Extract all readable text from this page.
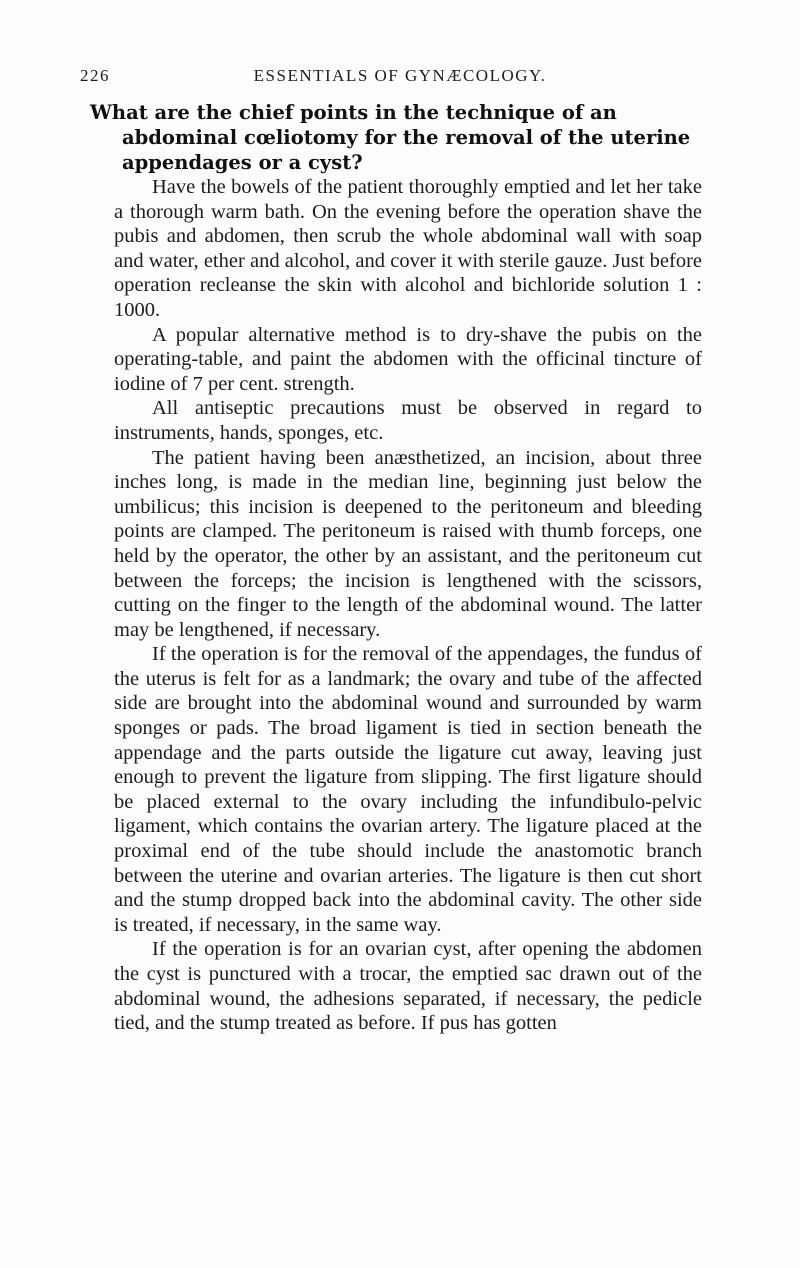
226	ESSENTIALS OF GYNÆCOLOGY.

What are the chief points in the technique of an abdominal cœliotomy for the removal of the uterine appendages or a cyst?

Have the bowels of the patient thoroughly emptied and let her take a thorough warm bath. On the evening before the operation shave the pubis and abdomen, then scrub the whole abdominal wall with soap and water, ether and alcohol, and cover it with sterile gauze. Just before operation recleanse the skin with alcohol and bichloride solution 1 : 1000.

A popular alternative method is to dry-shave the pubis on the operating-table, and paint the abdomen with the officinal tincture of iodine of 7 per cent. strength.

All antiseptic precautions must be observed in regard to instruments, hands, sponges, etc.

The patient having been anæsthetized, an incision, about three inches long, is made in the median line, beginning just below the umbilicus; this incision is deepened to the peritoneum and bleeding points are clamped. The peritoneum is raised with thumb forceps, one held by the operator, the other by an assistant, and the peritoneum cut between the forceps; the incision is lengthened with the scissors, cutting on the finger to the length of the abdominal wound. The latter may be lengthened, if necessary.

If the operation is for the removal of the appendages, the fundus of the uterus is felt for as a landmark; the ovary and tube of the affected side are brought into the abdominal wound and surrounded by warm sponges or pads. The broad ligament is tied in section beneath the appendage and the parts outside the ligature cut away, leaving just enough to prevent the ligature from slipping. The first ligature should be placed external to the ovary including the infundibulo-pelvic ligament, which contains the ovarian artery. The ligature placed at the proximal end of the tube should include the anastomotic branch between the uterine and ovarian arteries. The ligature is then cut short and the stump dropped back into the abdominal cavity. The other side is treated, if necessary, in the same way.

If the operation is for an ovarian cyst, after opening the abdomen the cyst is punctured with a trocar, the emptied sac drawn out of the abdominal wound, the adhesions separated, if necessary, the pedicle tied, and the stump treated as before. If pus has gotten
